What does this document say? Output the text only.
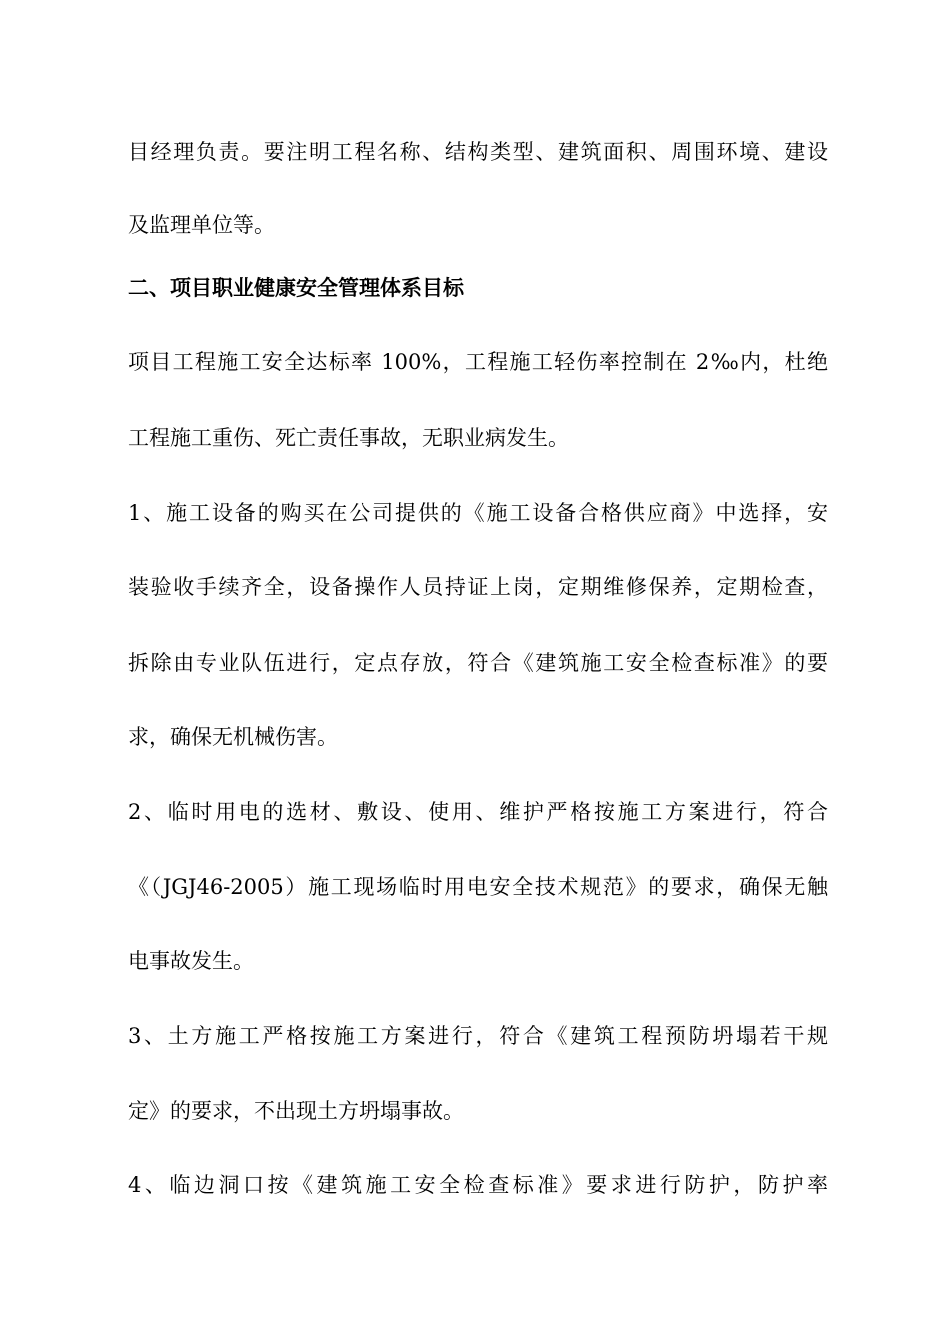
目经理负责。要注明工程名称、结构类型、建筑面积、周围环境、建设
及监理单位等。
二、项目职业健康安全管理体系目标
项目工程施工安全达标率 100%，工程施工轻伤率控制在 2‰内，杜绝
工程施工重伤、死亡责任事故，无职业病发生。
1、施工设备的购买在公司提供的《施工设备合格供应商》中选择，安
装验收手续齐全，设备操作人员持证上岗，定期维修保养，定期检查，
拆除由专业队伍进行，定点存放，符合《建筑施工安全检查标准》的要
求，确保无机械伤害。
2、临时用电的选材、敷设、使用、维护严格按施工方案进行，符合
《（JGJ46-2005）施工现场临时用电安全技术规范》的要求，确保无触
电事故发生。
3、土方施工严格按施工方案进行，符合《建筑工程预防坍塌若干规
定》的要求，不出现土方坍塌事故。
4、临边洞口按《建筑施工安全检查标准》要求进行防护，防护率
